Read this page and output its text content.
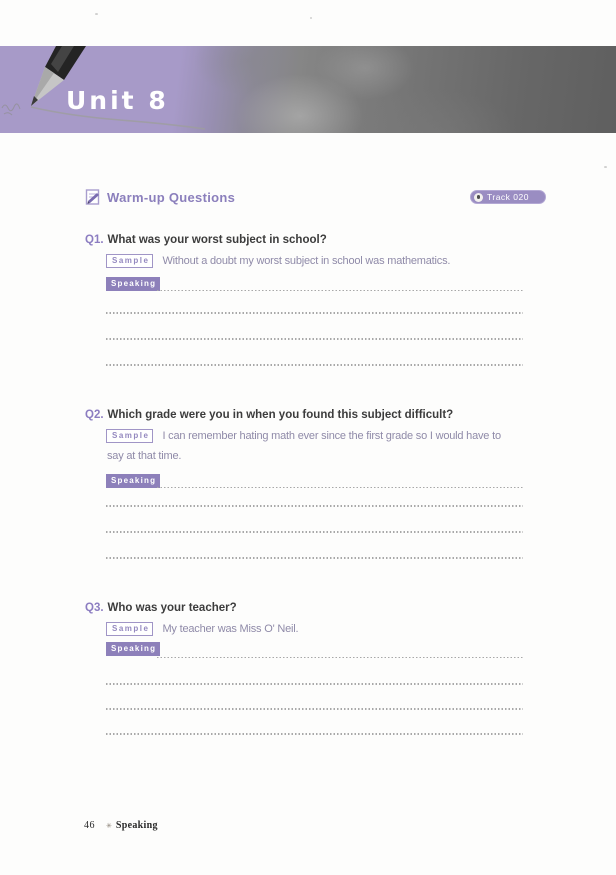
Unit 8
Warm-up Questions	Track 020
Q1. What was your worst subject in school?
Sample	Without a doubt my worst subject in school was mathematics.
Speaking
Q2. Which grade were you in when you found this subject difficult?
Sample	I can remember hating math ever since the first grade so I would have to
say at that time.
Speaking
Q3. Who was your teacher?
Sample	My teacher was Miss O' Neil.
Speaking
46 ✳ Speaking
